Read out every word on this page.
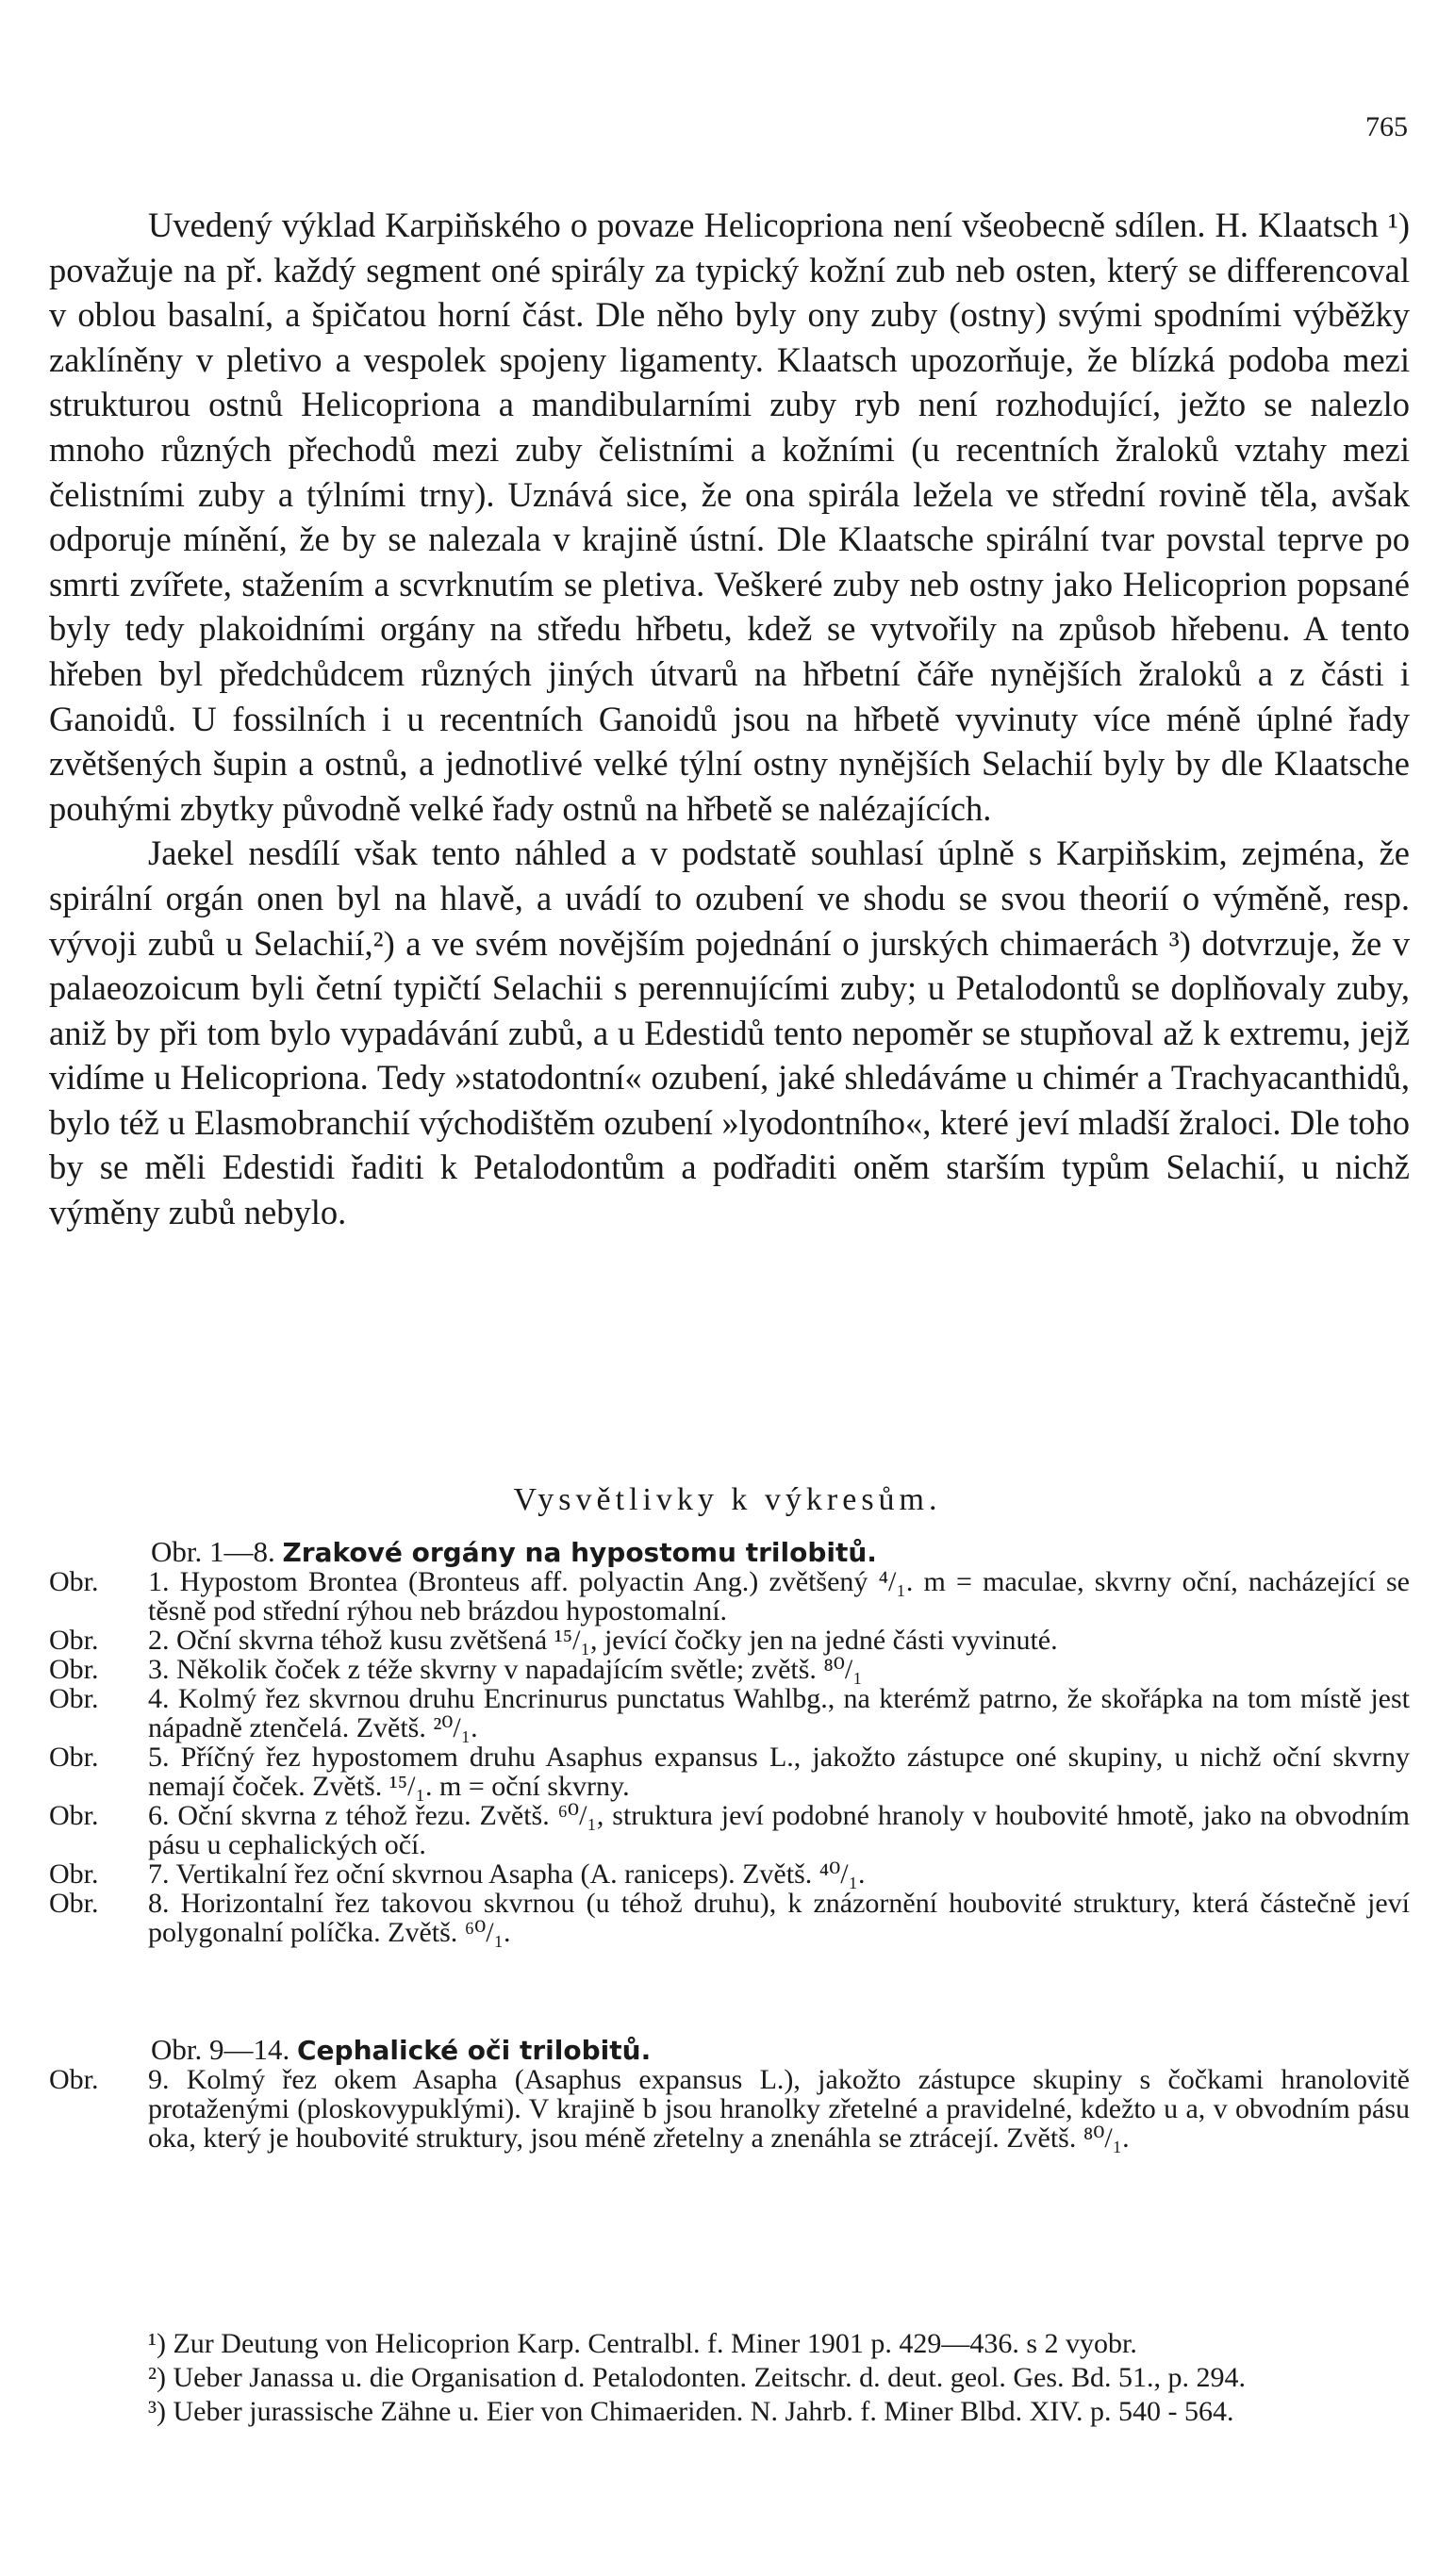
765

Uvedený výklad Karpiňského o povaze Helicopriona není všeobecně sdílen. H. Klaatsch ¹) považuje na př. každý segment oné spirály za typický kožní zub neb osten, který se differencoval v oblou basalní, a špičatou horní část. Dle něho byly ony zuby (ostny) svými spodními výběžky zaklíněny v pletivo a vespolek spojeny ligamenty. Klaatsch upozorňuje, že blízká podoba mezi strukturou ostnů Helicopriona a mandibularními zuby ryb není rozhodující, ježto se nalezlo mnoho různých přechodů mezi zuby čelistními a kožními (u recentních žraloků vztahy mezi čelistními zuby a týlními trny). Uznává sice, že ona spirála ležela ve střední rovině těla, avšak odporuje mínění, že by se nalezala v krajině ústní. Dle Klaatsche spirální tvar povstal teprve po smrti zvířete, stažením a scvrknutím se pletiva. Veškeré zuby neb ostny jako Helicoprion popsané byly tedy plakoidními orgány na středu hřbetu, kdež se vytvořily na způsob hřebenu. A tento hřeben byl předchůdcem různých jiných útvarů na hřbetní čáře nynějších žraloků a z části i Ganoidů. U fossilních i u recentních Ganoidů jsou na hřbetě vyvinuty více méně úplné řady zvětšených šupin a ostnů, a jednotlivé velké týlní ostny nynějších Selachií byly by dle Klaatsche pouhými zbytky původně velké řady ostnů na hřbetě se nalézajících.

Jaekel nesdílí však tento náhled a v podstatě souhlasí úplně s Karpiňskim, zejména, že spirální orgán onen byl na hlavě, a uvádí to ozubení ve shodu se svou theorií o výměně, resp. vývoji zubů u Selachií,²) a ve svém novějším pojednání o jurských chimaerách ³) dotvrzuje, že v palaeozoicum byli četní typičtí Selachii s perennujícími zuby; u Petalodontů se doplňovaly zuby, aniž by při tom bylo vypadávání zubů, a u Edestidů tento nepoměr se stupňoval až k extremu, jejž vidíme u Helicopriona. Tedy »statodontní« ozubení, jaké shledáváme u chimér a Trachyacanthidů, bylo též u Elasmobranchií východištěm ozubení »lyodontního«, které jeví mladší žraloci. Dle toho by se měli Edestidi řaditi k Petalodontům a podřaditi oněm starším typům Selachií, u nichž výměny zubů nebylo.

Vysvětlivky k výkresům.
Obr. 1—8. Zrakové orgány na hypostomu trilobitů.
Obr.	1. Hypostom Brontea (Bronteus aff. polyactin Ang.) zvětšený ⁴/₁. m = maculae, skvrny oční, nacházející se těsně pod střední rýhou neb brázdou hypostomalní.
Obr.	2. Oční skvrna téhož kusu zvětšená ¹⁵/₁, jevící čočky jen na jedné části vyvinuté.
Obr.	3. Několik čoček z téže skvrny v napadajícím světle; zvětš. ⁸⁰/₁
Obr.	4. Kolmý řez skvrnou druhu Encrinurus punctatus Wahlbg., na kterémž patrno, že skořápka na tom místě jest nápadně ztenčelá. Zvětš. ²⁰/₁.
Obr.	5. Příčný řez hypostomem druhu Asaphus expansus L., jakožto zástupce oné skupiny, u nichž oční skvrny nemají čoček. Zvětš. ¹⁵/₁. m = oční skvrny.
Obr.	6. Oční skvrna z téhož řezu. Zvětš. ⁶⁰/₁, struktura jeví podobné hranoly v houbovité hmotě, jako na obvodním pásu u cephalických očí.
Obr.	7. Vertikalní řez oční skvrnou Asapha (A. raniceps). Zvětš. ⁴⁰/₁.
Obr.	8. Horizontalní řez takovou skvrnou (u téhož druhu), k znázornění houbovité struktury, která částečně jeví polygonalní políčka. Zvětš. ⁶⁰/₁.
Obr. 9—14. Cephalické oči trilobitů.
Obr.	9. Kolmý řez okem Asapha (Asaphus expansus L.), jakožto zástupce skupiny s čočkami hranolovitě protaženými (ploskovypuklými). V krajině b jsou hranolky zřetelné a pravidelné, kdežto u a, v obvodním pásu oka, který je houbovité struktury, jsou méně zřetelny a znenáhla se ztrácejí. Zvětš. ⁸⁰/₁.

¹) Zur Deutung von Helicoprion Karp. Centralbl. f. Miner 1901 p. 429—436. s 2 vyobr.

²) Ueber Janassa u. die Organisation d. Petalodonten. Zeitschr. d. deut. geol. Ges. Bd. 51., p. 294.

³) Ueber jurassische Zähne u. Eier von Chimaeriden. N. Jahrb. f. Miner Blbd. XIV. p. 540 - 564.
